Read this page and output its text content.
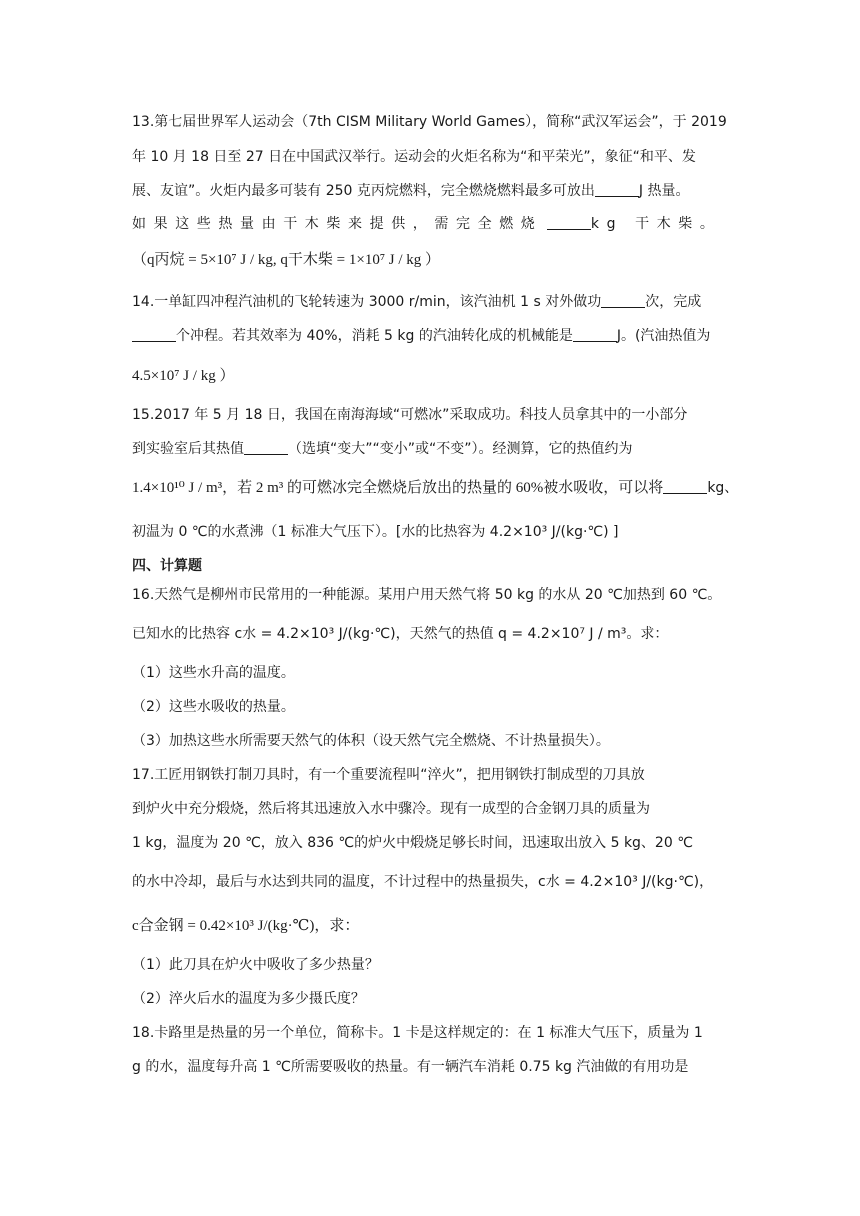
13.第七届世界军人运动会（7th CISM Military World Games），简称“武汉军运会”，于 2019
年 10 月 18 日至 27 日在中国武汉举行。运动会的火炬名称为“和平荣光”，象征“和平、发
展、友谊”。火炬内最多可装有 250 克丙烷燃料，完全燃烧燃料最多可放出	J 热量。
如果这些热量由干木柴来提供，需完全燃烧	kg 干木柴。
（q丙烷 = 5×10⁷ J / kg, q干木柴 = 1×10⁷ J / kg ）
14.一单缸四冲程汽油机的飞轮转速为 3000 r/min，该汽油机 1 s 对外做功	次，完成
个冲程。若其效率为 40%，消耗 5 kg 的汽油转化成的机械能是	J。(汽油热值为
4.5×10⁷ J / kg ）
15.2017 年 5 月 18 日，我国在南海海域“可燃冰”采取成功。科技人员拿其中的一小部分
到实验室后其热值	（选填“变大”“变小”或“不变”）。经测算，它的热值约为
1.4×10¹⁰ J / m³，若 2 m³ 的可燃冰完全燃烧后放出的热量的 60%被水吸收，可以将	kg、
初温为 0 ℃的水煮沸（1 标准大气压下）。[水的比热容为 4.2×10³ J/(kg·℃) ]
四、计算题
16.天然气是柳州市民常用的一种能源。某用户用天然气将 50 kg 的水从 20 ℃加热到 60 ℃。
已知水的比热容 c水 = 4.2×10³ J/(kg·℃)，天然气的热值 q = 4.2×10⁷ J / m³。求：
（1）这些水升高的温度。
（2）这些水吸收的热量。
（3）加热这些水所需要天然气的体积（设天然气完全燃烧、不计热量损失）。
17.工匠用钢铁打制刀具时，有一个重要流程叫“淬火”，把用钢铁打制成型的刀具放
到炉火中充分煅烧，然后将其迅速放入水中骤冷。现有一成型的合金钢刀具的质量为
1 kg，温度为 20 ℃，放入 836 ℃的炉火中煅烧足够长时间，迅速取出放入 5 kg、20 ℃
的水中冷却，最后与水达到共同的温度，不计过程中的热量损失，c水 = 4.2×10³ J/(kg·℃)，
c合金钢 = 0.42×10³ J/(kg·℃)，求：
（1）此刀具在炉火中吸收了多少热量？
（2）淬火后水的温度为多少摄氏度？
18.卡路里是热量的另一个单位，简称卡。1 卡是这样规定的：在 1 标准大气压下，质量为 1
g 的水，温度每升高 1 ℃所需要吸收的热量。有一辆汽车消耗 0.75 kg 汽油做的有用功是
